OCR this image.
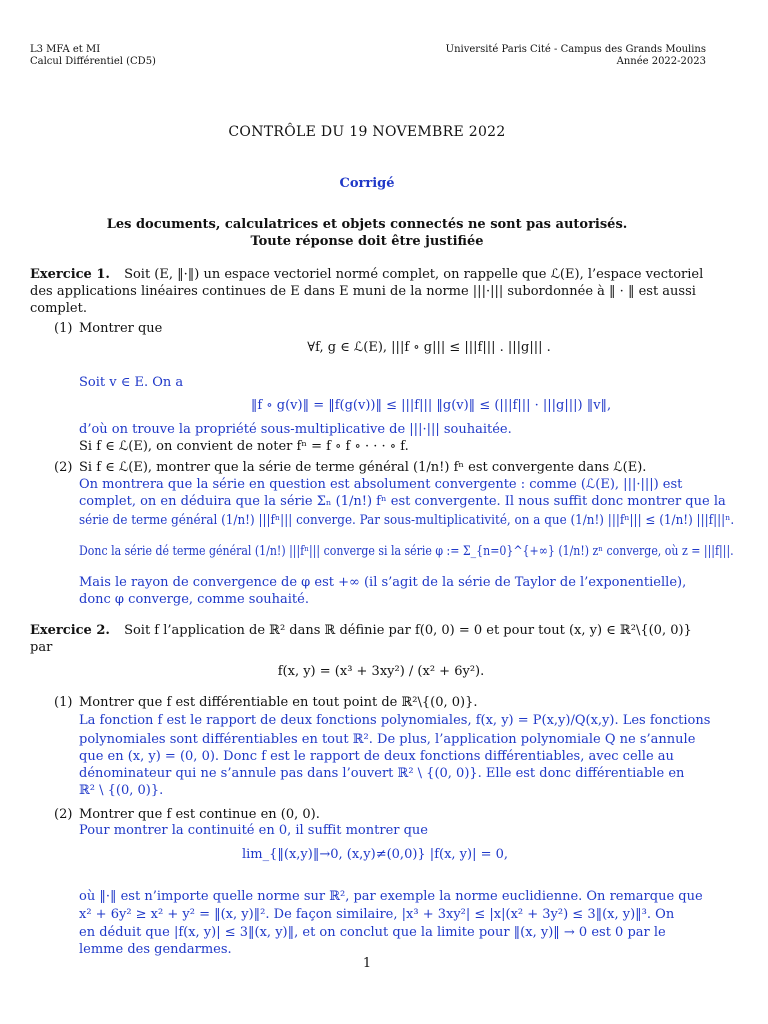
L3 MFA et MI
Calcul Différentiel (CD5)
Université Paris Cité - Campus des Grands Moulins
Année 2022-2023
CONTRÔLE DU 19 NOVEMBRE 2022
Corrigé
Les documents, calculatrices et objets connectés ne sont pas autorisés.
Toute réponse doit être justifiée
Exercice 1. Soit (E, ‖·‖) un espace vectoriel normé complet, on rappelle que ℒ(E), l’espace vectoriel
des applications linéaires continues de E dans E muni de la norme |||·||| subordonnée à ‖ · ‖ est aussi
complet.
(1) Montrer que
∀f, g ∈ ℒ(E), |||f ∘ g||| ≤ |||f||| . |||g||| .
Soit v ∈ E. On a
‖f ∘ g(v)‖ = ‖f(g(v))‖ ≤ |||f||| ‖g(v)‖ ≤ (|||f||| · |||g|||) ‖v‖,
d’où on trouve la propriété sous-multiplicative de |||·||| souhaitée.
Si f ∈ ℒ(E), on convient de noter fⁿ = f ∘ f ∘ · · · ∘ f.
(2) Si f ∈ ℒ(E), montrer que la série de terme général (1/n!) fⁿ est convergente dans ℒ(E).
On montrera que la série en question est absolument convergente : comme (ℒ(E), |||·|||) est
complet, on en déduira que la série Σₙ (1/n!) fⁿ est convergente. Il nous suffit donc montrer que la
série de terme général (1/n!) |||fⁿ||| converge. Par sous-multiplicativité, on a que (1/n!) |||fⁿ||| ≤ (1/n!) |||f|||ⁿ.
Donc la série dé terme général (1/n!) |||fⁿ||| converge si la série φ := Σ_{n=0}^{+∞} (1/n!) zⁿ converge, où z = |||f|||.
Mais le rayon de convergence de φ est +∞ (il s’agit de la série de Taylor de l’exponentielle),
donc φ converge, comme souhaité.
Exercice 2. Soit f l’application de ℝ² dans ℝ définie par f(0, 0) = 0 et pour tout (x, y) ∈ ℝ²\{(0, 0)}
par
f(x, y) = (x³ + 3xy²) / (x² + 6y²).
(1) Montrer que f est différentiable en tout point de ℝ²\{(0, 0)}.
La fonction f est le rapport de deux fonctions polynomiales, f(x, y) = P(x,y)/Q(x,y). Les fonctions
polynomiales sont différentiables en tout ℝ². De plus, l’application polynomiale Q ne s’annule
que en (x, y) = (0, 0). Donc f est le rapport de deux fonctions différentiables, avec celle au
dénominateur qui ne s’annule pas dans l’ouvert ℝ² \ {(0, 0)}. Elle est donc différentiable en
ℝ² \ {(0, 0)}.
(2) Montrer que f est continue en (0, 0).
Pour montrer la continuité en 0, il suffit montrer que
lim_{‖(x,y)‖→0, (x,y)≠(0,0)} |f(x, y)| = 0,
où ‖·‖ est n’importe quelle norme sur ℝ², par exemple la norme euclidienne. On remarque que
x² + 6y² ≥ x² + y² = ‖(x, y)‖². De façon similaire, |x³ + 3xy²| ≤ |x|(x² + 3y²) ≤ 3‖(x, y)‖³. On
en déduit que |f(x, y)| ≤ 3‖(x, y)‖, et on conclut que la limite pour ‖(x, y)‖ → 0 est 0 par le
lemme des gendarmes.
1
